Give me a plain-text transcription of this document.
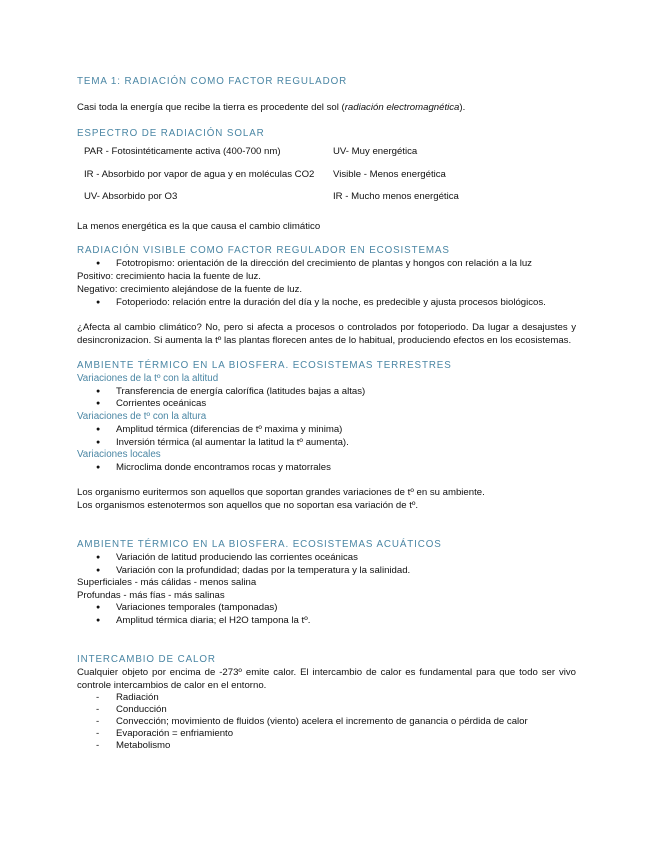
TEMA 1: RADIACIÓN COMO FACTOR REGULADOR
Casi toda la energía que recibe la tierra es procedente del sol (radiación electromagnética).
ESPECTRO DE RADIACIÓN SOLAR
PAR - Fotosintéticamente activa (400-700 nm)	UV- Muy energética
IR - Absorbido por vapor de agua y en moléculas CO2 Visible - Menos energética
UV- Absorbido por O3	IR - Mucho menos energética
La menos energética es la que causa el cambio climático
RADIACIÓN VISIBLE COMO FACTOR REGULADOR EN ECOSISTEMAS
● Fototropismo: orientación de la dirección del crecimiento de plantas y hongos con relación a la luz
Positivo: crecimiento hacia la fuente de luz.
Negativo: crecimiento alejándose de la fuente de luz.
● Fotoperiodo: relación entre la duración del día y la noche, es predecible y ajusta procesos biológicos.
¿Afecta al cambio climático? No, pero si afecta a procesos o controlados por fotoperiodo. Da lugar a desajustes y desincronizacion. Si aumenta la tº las plantas florecen antes de lo habitual, produciendo efectos en los ecosistemas.
AMBIENTE TÉRMICO EN LA BIOSFERA. ECOSISTEMAS TERRESTRES
Variaciones de la tº con la altitud
● Transferencia de energía calorífica (latitudes bajas a altas)
● Corrientes oceánicas
Variaciones de tº con la altura
● Amplitud térmica (diferencias de tº maxima y minima)
● Inversión térmica (al aumentar la latitud la tº aumenta).
Variaciones locales
● Microclima donde encontramos rocas y matorrales
Los organismo euritermos son aquellos que soportan grandes variaciones de tº en su ambiente.
Los organismos estenotermos son aquellos que no soportan esa variación de tº.
AMBIENTE TÉRMICO EN LA BIOSFERA. ECOSISTEMAS ACUÁTICOS
● Variación de latitud produciendo las corrientes oceánicas
● Variación con la profundidad; dadas por la temperatura y la salinidad.
Superficiales - más cálidas - menos salina
Profundas - más fías - más salinas
● Variaciones temporales (tamponadas)
● Amplitud térmica diaria; el H2O tampona la tº.
INTERCAMBIO DE CALOR
Cualquier objeto por encima de -273º emite calor. El intercambio de calor es fundamental para que todo ser vivo controle intercambios de calor en el entorno.
- Radiación
- Conducción
- Convección; movimiento de fluidos (viento) acelera el incremento de ganancia o pérdida de calor
- Evaporación = enfriamiento
- Metabolismo
